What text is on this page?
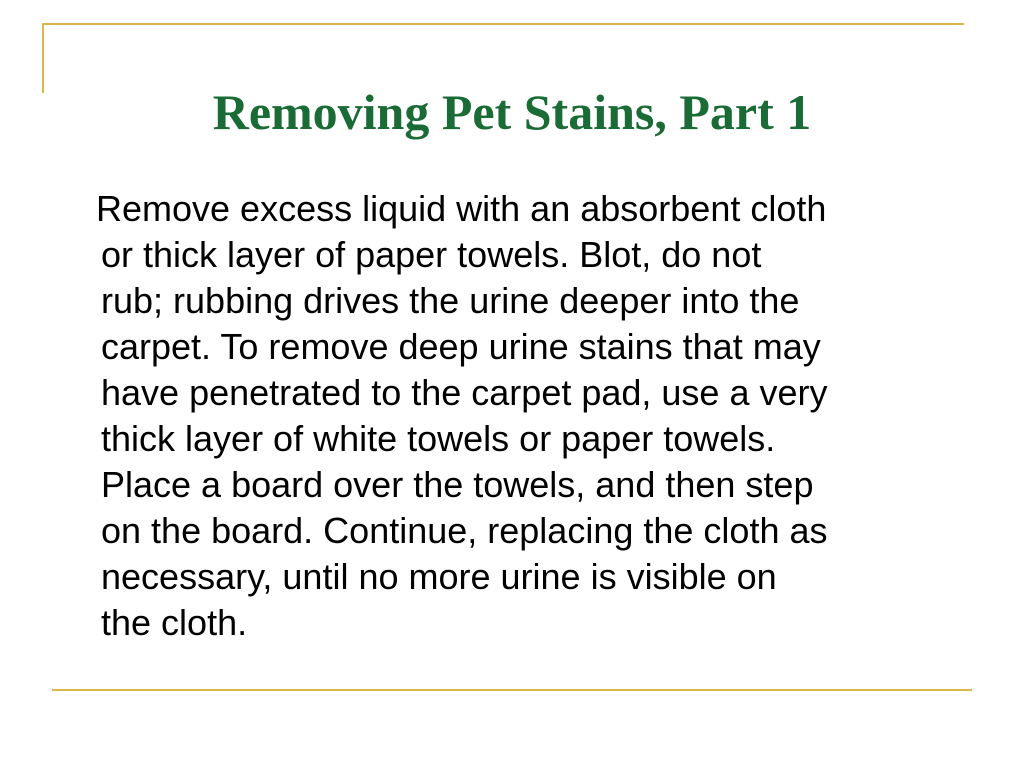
Removing Pet Stains, Part 1
Remove excess liquid with an absorbent cloth
or thick layer of paper towels. Blot, do not
rub; rubbing drives the urine deeper into the
carpet. To remove deep urine stains that may
have penetrated to the carpet pad, use a very
thick layer of white towels or paper towels.
Place a board over the towels, and then step
on the board. Continue, replacing the cloth as
necessary, until no more urine is visible on
the cloth.
